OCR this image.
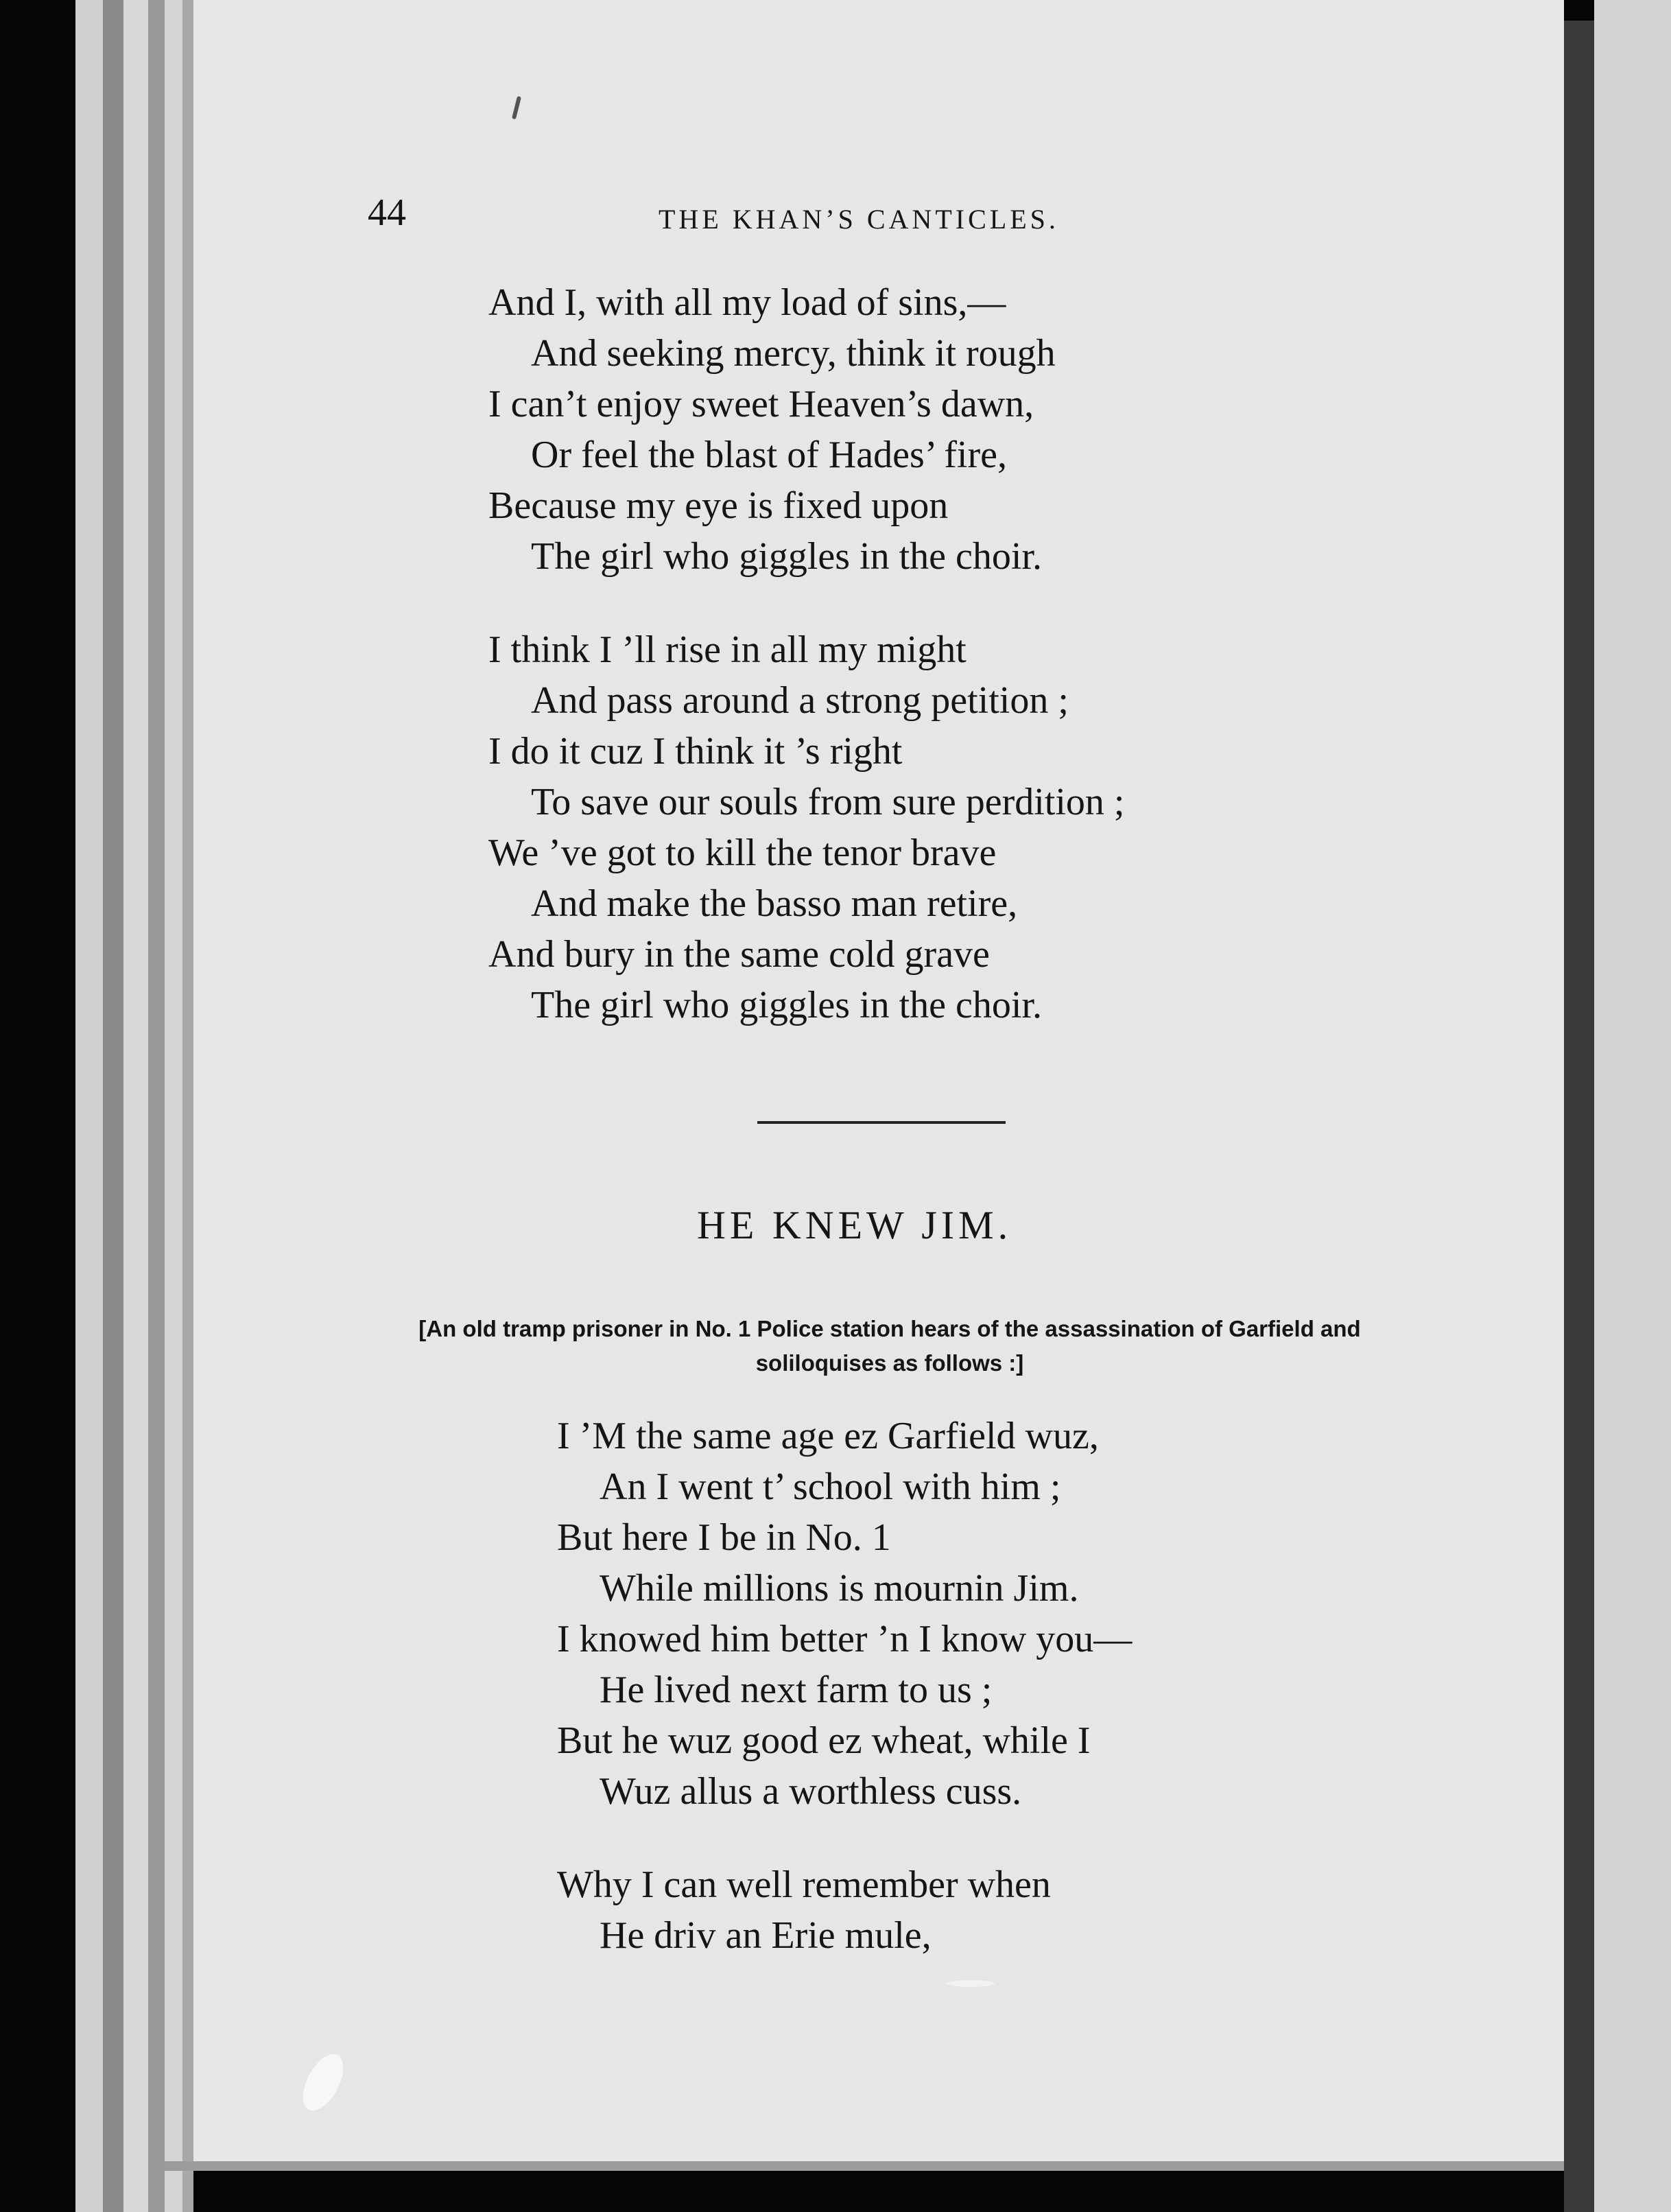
44	THE KHAN’S CANTICLES.
And I, with all my load of sins,—
And seeking mercy, think it rough
I can’t enjoy sweet Heaven’s dawn,
Or feel the blast of Hades’ fire,
Because my eye is fixed upon
The girl who giggles in the choir.
I think I ’ll rise in all my might
And pass around a strong petition ;
I do it cuz I think it ’s right
To save our souls from sure perdition ;
We ’ve got to kill the tenor brave
And make the basso man retire,
And bury in the same cold grave
The girl who giggles in the choir.
HE KNEW JIM.
[An old tramp prisoner in No. 1 Police station hears of the assassination of Garfield and
soliloquises as follows :]
I ’M the same age ez Garfield wuz,
An I went t’ school with him ;
But here I be in No. 1
While millions is mournin Jim.
I knowed him better ’n I know you—
He lived next farm to us ;
But he wuz good ez wheat, while I
Wuz allus a worthless cuss.
Why I can well remember when
He driv an Erie mule,
